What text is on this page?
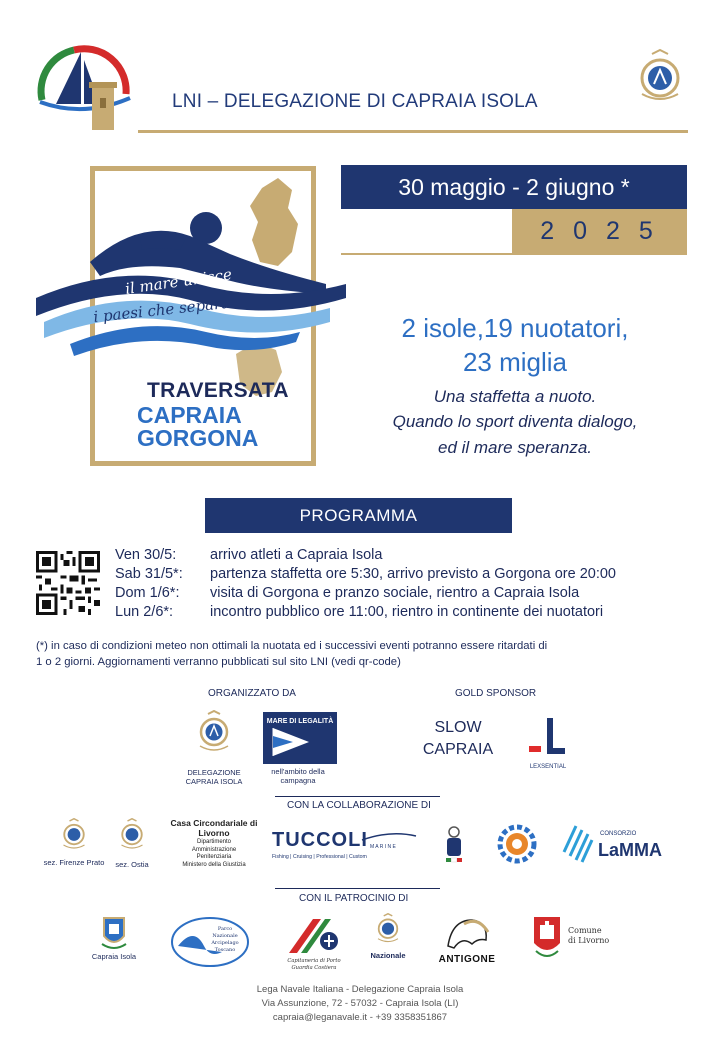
LNI – DELEGAZIONE DI CAPRAIA ISOLA
il mare unisce
i paesi che separa
TRAVERSATA
CAPRAIA
GORGONA
30 maggio - 2 giugno *
2 0 2 5
2 isole,19 nuotatori,
23 miglia
Una staffetta a nuoto.
Quando lo sport diventa dialogo,
ed il mare speranza.
PROGRAMMA
Ven 30/5:	arrivo atleti a Capraia Isola
Sab 31/5*:	partenza staffetta ore 5:30, arrivo previsto a Gorgona ore 20:00
Dom 1/6*:	visita di Gorgona e pranzo sociale, rientro a Capraia Isola
Lun 2/6*:	incontro pubblico ore 11:00, rientro in continente dei nuotatori
(*) in caso di condizioni meteo non ottimali la nuotata ed i successivi eventi potranno essere ritardati di
1 o 2 giorni. Aggiornamenti verranno pubblicati sul sito LNI (vedi qr-code)
ORGANIZZATO DA
DELEGAZIONE
CAPRAIA ISOLA
MARE DI LEGALITÀ
nell'ambito della
campagna
GOLD SPONSOR
SLOW
CAPRAIA
LEXSENTIAL
CON LA COLLABORAZIONE DI
sez. Firenze Prato	sez. Ostia
Casa Circondariale di
Livorno
Dipartimento
Amministrazione
Penitenziaria
Ministero della Giustizia
TUCCOLI M A R I N E
Fishing | Cruising | Professional | Custom
CONSORZIO
LaMMA
CON IL PATROCINIO DI
Capraia Isola
Parco
Nazionale
Arcipelago
Toscano
Capitaneria di Porto
Guardia Costiera
Nazionale	ANTIGONE
Comune
di Livorno
Lega Navale Italiana - Delegazione Capraia Isola
Via Assunzione, 72 - 57032 - Capraia Isola (LI)
capraia@leganavale.it - +39 3358351867
